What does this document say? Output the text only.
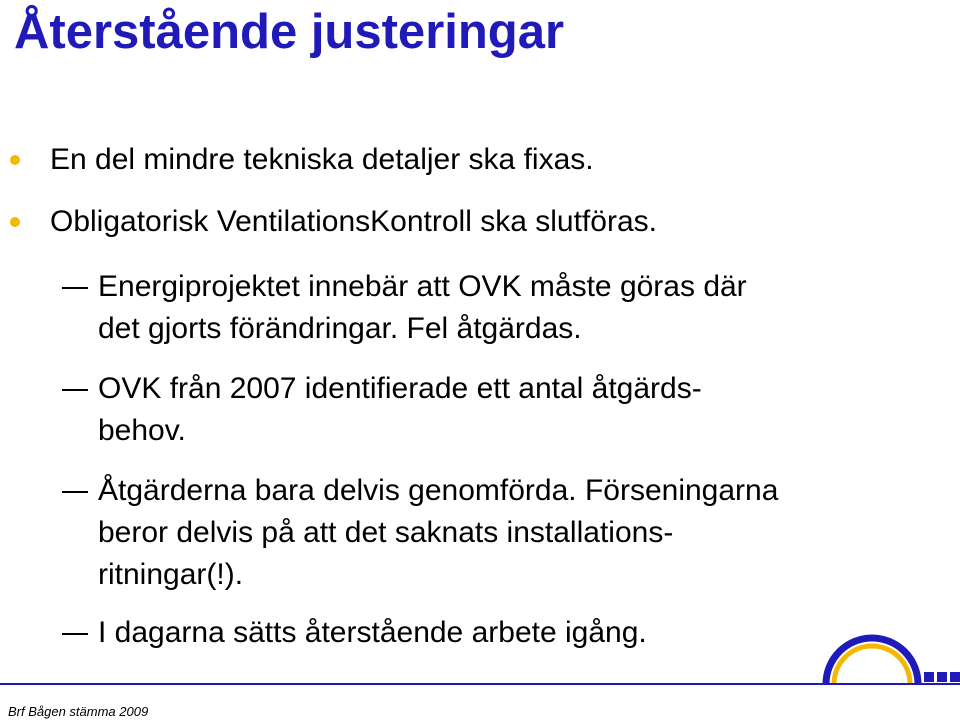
Återstående justeringar
En del mindre tekniska detaljer ska fixas.
Obligatorisk VentilationsKontroll ska slutföras.
Energiprojektet innebär att OVK måste göras där
det gjorts förändringar. Fel åtgärdas.
OVK från 2007 identifierade ett antal åtgärds-
behov.
Åtgärderna bara delvis genomförda. Förseningarna
beror delvis på att det saknats installations-
ritningar(!).
I dagarna sätts återstående arbete igång.
Brf Bågen stämma 2009
